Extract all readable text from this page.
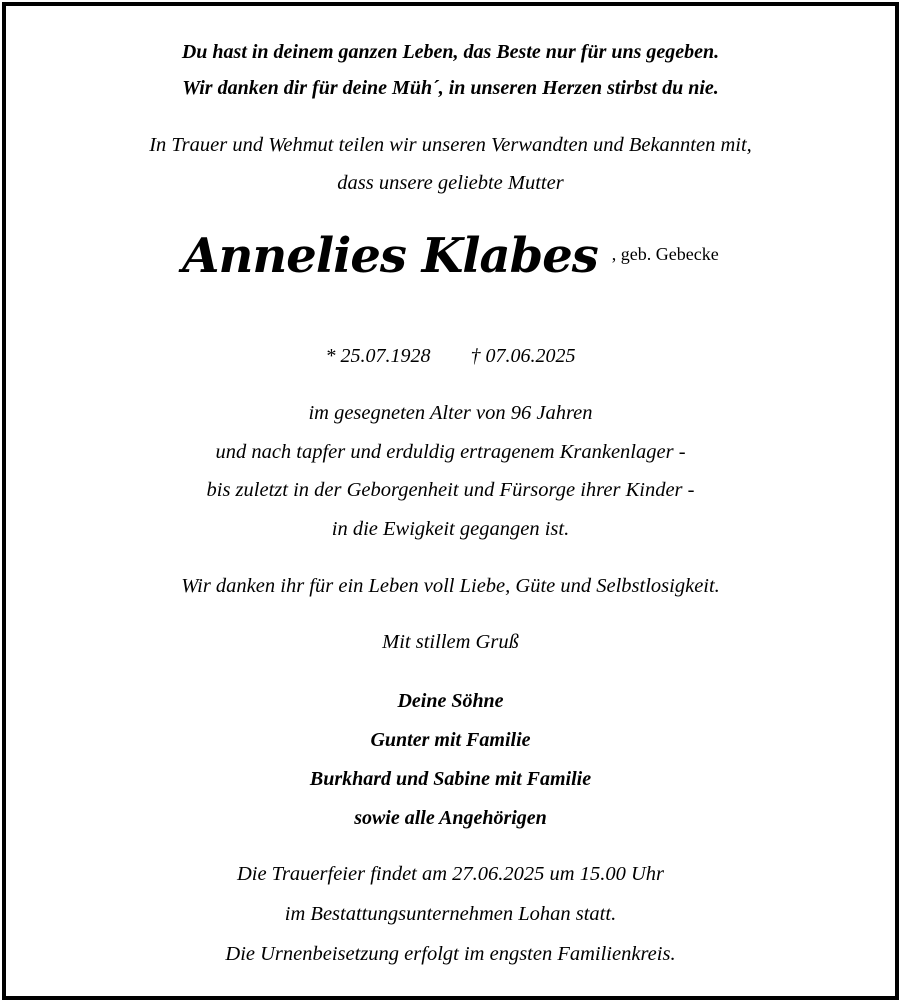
Du hast in deinem ganzen Leben, das Beste nur für uns gegeben.
Wir danken dir für deine Müh´, in unseren Herzen stirbst du nie.
In Trauer und Wehmut teilen wir unseren Verwandten und Bekannten mit,
dass unsere geliebte Mutter
Annelies Klabes , geb. Gebecke
* 25.07.1928 † 07.06.2025
im gesegneten Alter von 96 Jahren
und nach tapfer und erduldig ertragenem Krankenlager -
bis zuletzt in der Geborgenheit und Fürsorge ihrer Kinder -
in die Ewigkeit gegangen ist.
Wir danken ihr für ein Leben voll Liebe, Güte und Selbstlosigkeit.
Mit stillem Gruß
Deine Söhne
Gunter mit Familie
Burkhard und Sabine mit Familie
sowie alle Angehörigen
Die Trauerfeier findet am 27.06.2025 um 15.00 Uhr
im Bestattungsunternehmen Lohan statt.
Die Urnenbeisetzung erfolgt im engsten Familienkreis.
